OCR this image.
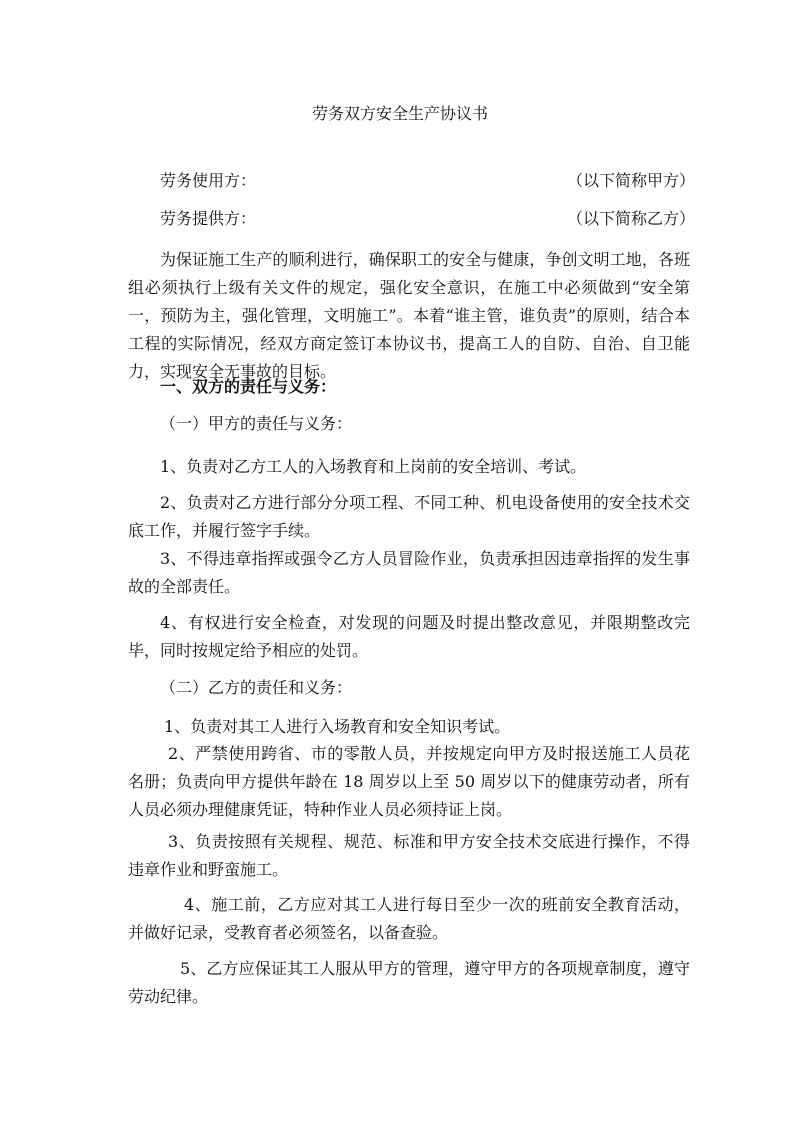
劳务双方安全生产协议书
劳务使用方：	（以下简称甲方）
劳务提供方：	（以下简称乙方）
为保证施工生产的顺利进行，确保职工的安全与健康，争创文明工地，各班组必须执行上级有关文件的规定，强化安全意识，在施工中必须做到“安全第一，预防为主，强化管理，文明施工”。本着“谁主管，谁负责”的原则，结合本工程的实际情况，经双方商定签订本协议书，提高工人的自防、自治、自卫能力，实现安全无事故的目标。
一、双方的责任与义务：
（一）甲方的责任与义务：
1、负责对乙方工人的入场教育和上岗前的安全培训、考试。
2、负责对乙方进行部分分项工程、不同工种、机电设备使用的安全技术交底工作，并履行签字手续。
3、不得违章指挥或强令乙方人员冒险作业，负责承担因违章指挥的发生事故的全部责任。
4、有权进行安全检查，对发现的问题及时提出整改意见，并限期整改完毕，同时按规定给予相应的处罚。
（二）乙方的责任和义务：
1、负责对其工人进行入场教育和安全知识考试。
2、严禁使用跨省、市的零散人员，并按规定向甲方及时报送施工人员花名册；负责向甲方提供年龄在 18 周岁以上至 50 周岁以下的健康劳动者，所有人员必须办理健康凭证，特种作业人员必须持证上岗。
3、负责按照有关规程、规范、标准和甲方安全技术交底进行操作，不得违章作业和野蛮施工。
4、施工前，乙方应对其工人进行每日至少一次的班前安全教育活动，并做好记录，受教育者必须签名，以备查验。
5、乙方应保证其工人服从甲方的管理，遵守甲方的各项规章制度，遵守劳动纪律。
